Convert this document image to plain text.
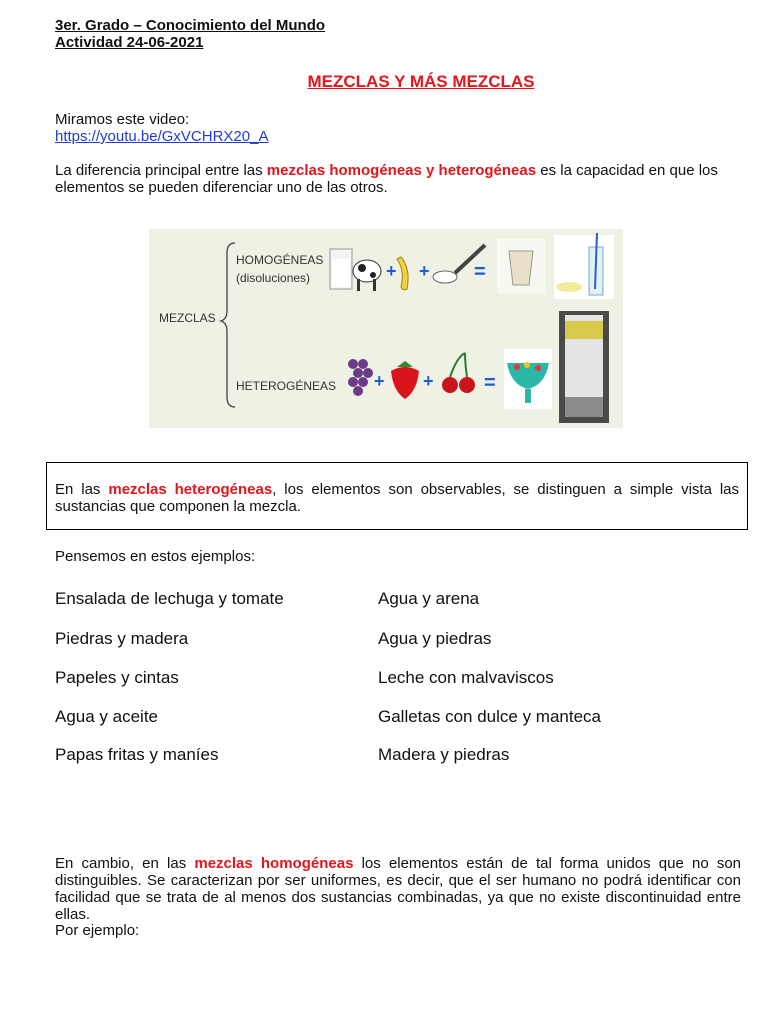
3er. Grado – Conocimiento del Mundo
Actividad 24-06-2021
MEZCLAS Y MÁS MEZCLAS
Miramos este video:
https://youtu.be/GxVCHRX20_A
La diferencia principal entre las mezclas homogéneas y heterogéneas es la capacidad en que los elementos se pueden diferenciar uno de las otros.
MEZCLAS
HOMOGÉNEAS
(disoluciones)
HETEROGÉNEAS
+ + =
+ +	=
En las mezclas heterogéneas, los elementos son observables, se distinguen a simple vista las sustancias que componen la mezcla.
Pensemos en estos ejemplos:
Ensalada de lechuga y tomate
Piedras y madera
Papeles y cintas
Agua y aceite
Papas fritas y maníes
Agua y arena
Agua y piedras
Leche con malvaviscos
Galletas con dulce y manteca
Madera y piedras
En cambio, en las mezclas homogéneas los elementos están de tal forma unidos que no son distinguibles. Se caracterizan por ser uniformes, es decir, que el ser humano no podrá identificar con facilidad que se trata de al menos dos sustancias combinadas, ya que no existe discontinuidad entre ellas.
Por ejemplo:
